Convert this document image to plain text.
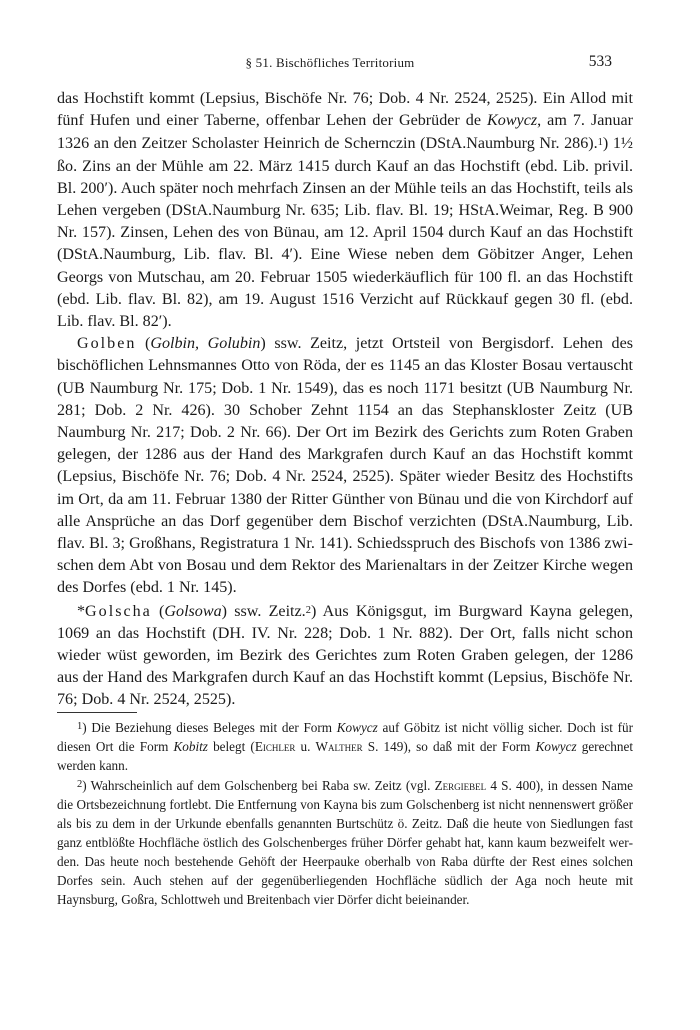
§ 51. Bischöfliches Territorium	533

das Hochstift kommt (Lepsius, Bischöfe Nr. 76; Dob. 4 Nr. 2524, 2525). Ein Allod mit fünf Hufen und einer Taberne, offenbar Lehen der Gebrüder de Kowycz, am 7. Januar 1326 an den Zeitzer Scholaster Heinrich de Schernczin (DStA.Naumburg Nr. 286).1) 1½ ßo. Zins an der Mühle am 22. März 1415 durch Kauf an das Hochstift (ebd. Lib. privil. Bl. 200′). Auch später noch mehrfach Zinsen an der Mühle teils an das Hochstift, teils als Lehen vergeben (DStA.Naumburg Nr. 635; Lib. flav. Bl. 19; HStA.Weimar, Reg. B 900 Nr. 157). Zinsen, Lehen des von Bünau, am 12. April 1504 durch Kauf an das Hochstift (DStA.Naumburg, Lib. flav. Bl. 4′). Eine Wiese neben dem Göbitzer Anger, Lehen Georgs von Mutschau, am 20. Februar 1505 wiederkäuflich für 100 fl. an das Hochstift (ebd. Lib. flav. Bl. 82), am 19. August 1516 Verzicht auf Rückkauf gegen 30 fl. (ebd. Lib. flav. Bl. 82′).

Golben (Golbin, Golubin) ssw. Zeitz, jetzt Ortsteil von Bergisdorf. Lehen des bischöflichen Lehnsmannes Otto von Röda, der es 1145 an das Kloster Bosau vertauscht (UB Naumburg Nr. 175; Dob. 1 Nr. 1549), das es noch 1171 besitzt (UB Naumburg Nr. 281; Dob. 2 Nr. 426). 30 Schober Zehnt 1154 an das Stephanskloster Zeitz (UB Naumburg Nr. 217; Dob. 2 Nr. 66). Der Ort im Bezirk des Gerichts zum Roten Graben gelegen, der 1286 aus der Hand des Markgrafen durch Kauf an das Hochstift kommt (Lepsius, Bischöfe Nr. 76; Dob. 4 Nr. 2524, 2525). Später wieder Besitz des Hochstifts im Ort, da am 11. Februar 1380 der Ritter Günther von Bünau und die von Kirchdorf auf alle Ansprüche an das Dorf gegenüber dem Bischof verzichten (DStA.Naumburg, Lib. flav. Bl. 3; Großhans, Registratura 1 Nr. 141). Schiedsspruch des Bischofs von 1386 zwischen dem Abt von Bosau und dem Rektor des Marienaltars in der Zeitzer Kirche wegen des Dorfes (ebd. 1 Nr. 145).

*Golscha (Golsowa) ssw. Zeitz.2) Aus Königsgut, im Burgward Kayna gelegen, 1069 an das Hochstift (DH. IV. Nr. 228; Dob. 1 Nr. 882). Der Ort, falls nicht schon wieder wüst geworden, im Bezirk des Gerichtes zum Roten Graben gelegen, der 1286 aus der Hand des Markgrafen durch Kauf an das Hochstift kommt (Lepsius, Bischöfe Nr. 76; Dob. 4 Nr. 2524, 2525).

$^1$) Die Beziehung dieses Beleges mit der Form Kowycz auf Göbitz ist nicht völlig sicher. Doch ist für diesen Ort die Form Kobitz belegt (Eichler u. Walther S. 149), so daß mit der Form Kowycz gerechnet werden kann.

$^2$) Wahrscheinlich auf dem Golschenberg bei Raba sw. Zeitz (vgl. Zergiebel 4 S. 400), in dessen Name die Ortsbezeichnung fortlebt. Die Entfernung von Kayna bis zum Golschenberg ist nicht nennenswert größer als bis zu dem in der Urkunde ebenfalls genannten Burtschütz ö. Zeitz. Daß die heute von Siedlungen fast ganz entblößte Hochfläche östlich des Golschenberges früher Dörfer gehabt hat, kann kaum bezweifelt werden. Das heute noch bestehende Gehöft der Heerpauke oberhalb von Raba dürfte der Rest eines solchen Dorfes sein. Auch stehen auf der gegenüberliegenden Hochfläche südlich der Aga noch heute mit Haynsburg, Goßra, Schlottweh und Breitenbach vier Dörfer dicht beieinander.
